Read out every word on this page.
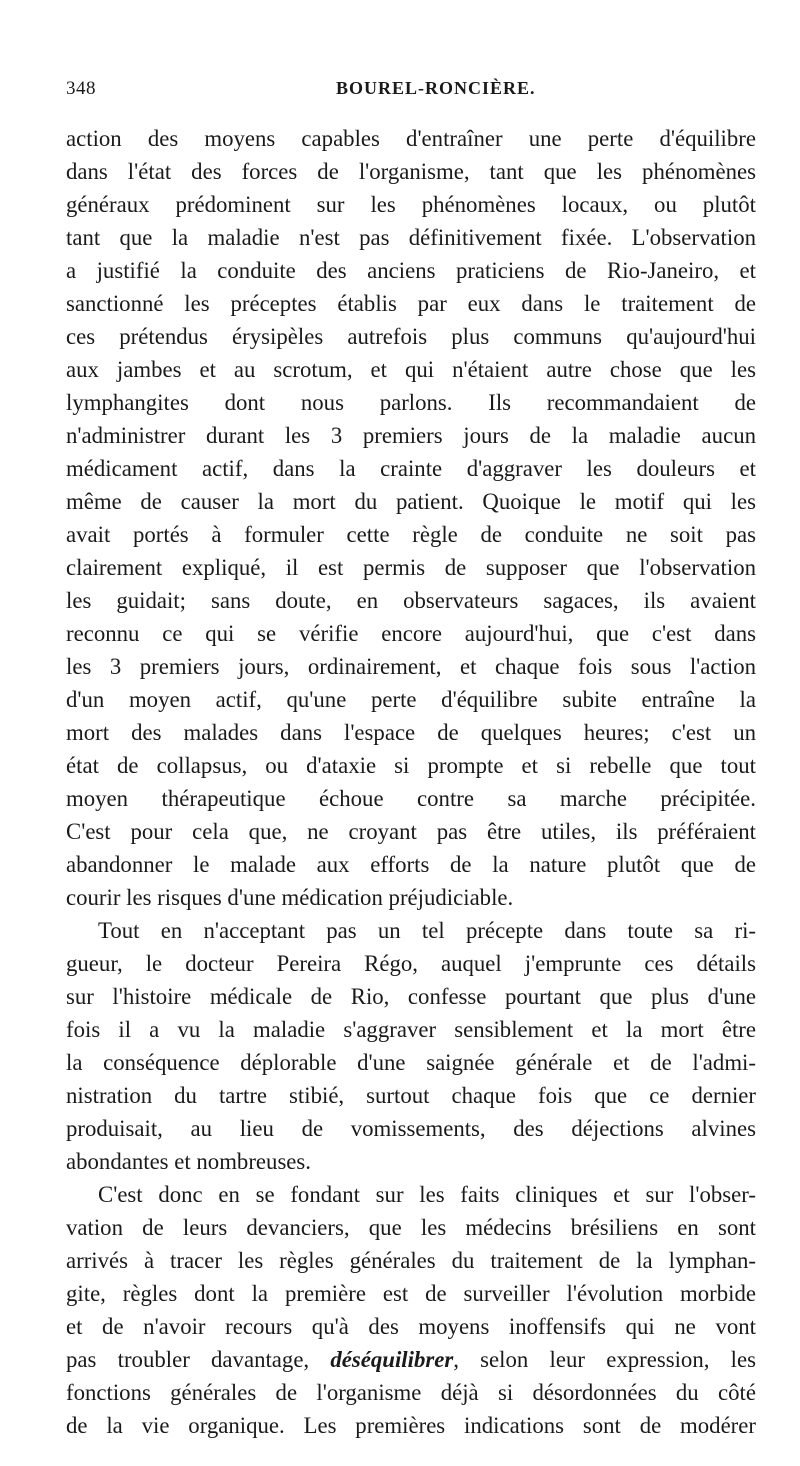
348	BOUREL-RONCIÈRE.
action des moyens capables d'entraîner une perte d'équilibre
dans l'état des forces de l'organisme, tant que les phénomènes
généraux prédominent sur les phénomènes locaux, ou plutôt
tant que la maladie n'est pas définitivement fixée. L'observation
a justifié la conduite des anciens praticiens de Rio-Janeiro, et
sanctionné les préceptes établis par eux dans le traitement de
ces prétendus érysipèles autrefois plus communs qu'aujourd'hui
aux jambes et au scrotum, et qui n'étaient autre chose que les
lymphangites dont nous parlons. Ils recommandaient de
n'administrer durant les 3 premiers jours de la maladie aucun
médicament actif, dans la crainte d'aggraver les douleurs et
même de causer la mort du patient. Quoique le motif qui les
avait portés à formuler cette règle de conduite ne soit pas
clairement expliqué, il est permis de supposer que l'observation
les guidait; sans doute, en observateurs sagaces, ils avaient
reconnu ce qui se vérifie encore aujourd'hui, que c'est dans
les 3 premiers jours, ordinairement, et chaque fois sous l'action
d'un moyen actif, qu'une perte d'équilibre subite entraîne la
mort des malades dans l'espace de quelques heures; c'est un
état de collapsus, ou d'ataxie si prompte et si rebelle que tout
moyen thérapeutique échoue contre sa marche précipitée.
C'est pour cela que, ne croyant pas être utiles, ils préféraient
abandonner le malade aux efforts de la nature plutôt que de
courir les risques d'une médication préjudiciable.
Tout en n'acceptant pas un tel précepte dans toute sa ri-
gueur, le docteur Pereira Régo, auquel j'emprunte ces détails
sur l'histoire médicale de Rio, confesse pourtant que plus d'une
fois il a vu la maladie s'aggraver sensiblement et la mort être
la conséquence déplorable d'une saignée générale et de l'admi-
nistration du tartre stibié, surtout chaque fois que ce dernier
produisait, au lieu de vomissements, des déjections alvines
abondantes et nombreuses.
C'est donc en se fondant sur les faits cliniques et sur l'obser-
vation de leurs devanciers, que les médecins brésiliens en sont
arrivés à tracer les règles générales du traitement de la lymphan-
gite, règles dont la première est de surveiller l'évolution morbide
et de n'avoir recours qu'à des moyens inoffensifs qui ne vont
pas troubler davantage, déséquilibrer, selon leur expression, les
fonctions générales de l'organisme déjà si désordonnées du côté
de la vie organique. Les premières indications sont de modérer
